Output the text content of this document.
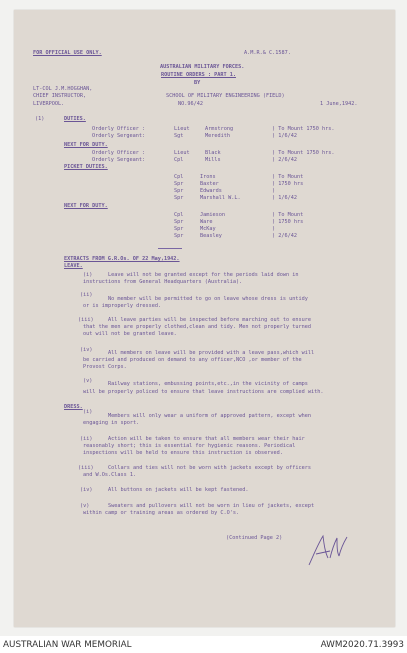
FOR OFFICIAL USE ONLY.	A.M.R.& C.1587.
AUSTRALIAN MILITARY FORCES.
ROUTINE ORDERS : PART 1.
BY
LT-COL J.M.HOGGHAN,
CHIEF INSTRUCTOR,
LIVERPOOL.
SCHOOL OF MILITARY ENGINEERING (FIELD)
NO.96/42	1 June,1942.
(1)	DUTIES.
Orderly Officer :	Lieut	Armstrong	) To Mount 1750 hrs.
Orderly Sergeant:	Sgt	Meredith	) 1/6/42
NEXT FOR DUTY.
Orderly Officer :	Lieut	Black	) To Mount 1750 hrs.
Orderly Sergeant:	Cpl	Mills	) 2/6/42
PICKET DUTIES.
Cpl	Irons	) To Mount
Spr	Baxter	) 1750 hrs
Spr	Edwards	)
Spr	Marshall W.L.	) 1/6/42
NEXT FOR DUTY.
Cpl	Jamieson	) To Mount
Spr	Ware	) 1750 hrs
Spr	McKay	)
Spr	Beasley	) 2/6/42
EXTRACTS FROM G.R.Os. OF 22 May,1942.
LEAVE.
(i)	Leave will not be granted except for the periods laid down in
instructions from General Headquarters (Australia).
(ii)
No member will be permitted to go on leave whose dress is untidy
or is improperly dressed.
(iii)	All leave parties will be inspected before marching out to ensure
that the men are properly clothed,clean and tidy. Men not properly turned
out will not be granted leave.
(iv)	All members on leave will be provided with a leave pass,which will
be carried and produced on demand to any officer,NCO ,or member of the
Provost Corps.
(v)	Railway stations, embussing points,etc.,in the vicinity of camps
will be properly policed to ensure that leave instructions are complied with.
DRESS.
(i)
Members will only wear a uniform of approved pattern, except when
engaging in sport.
(ii)	Action will be taken to ensure that all members wear their hair
reasonably short; this is essential for hygienic reasons. Periodical
inspections will be held to ensure this instruction is observed.
(iii)	Collars and ties will not be worn with jackets except by officers
and W.Os.Class 1.
(iv)	All buttons on jackets will be kept fastened.
(v)	Sweaters and pullovers will not be worn in lieu of jackets, except
within camp or training areas as ordered by C.O's.
(Continued Page 2)
AUSTRALIAN WAR MEMORIAL	AWM2020.71.3993
